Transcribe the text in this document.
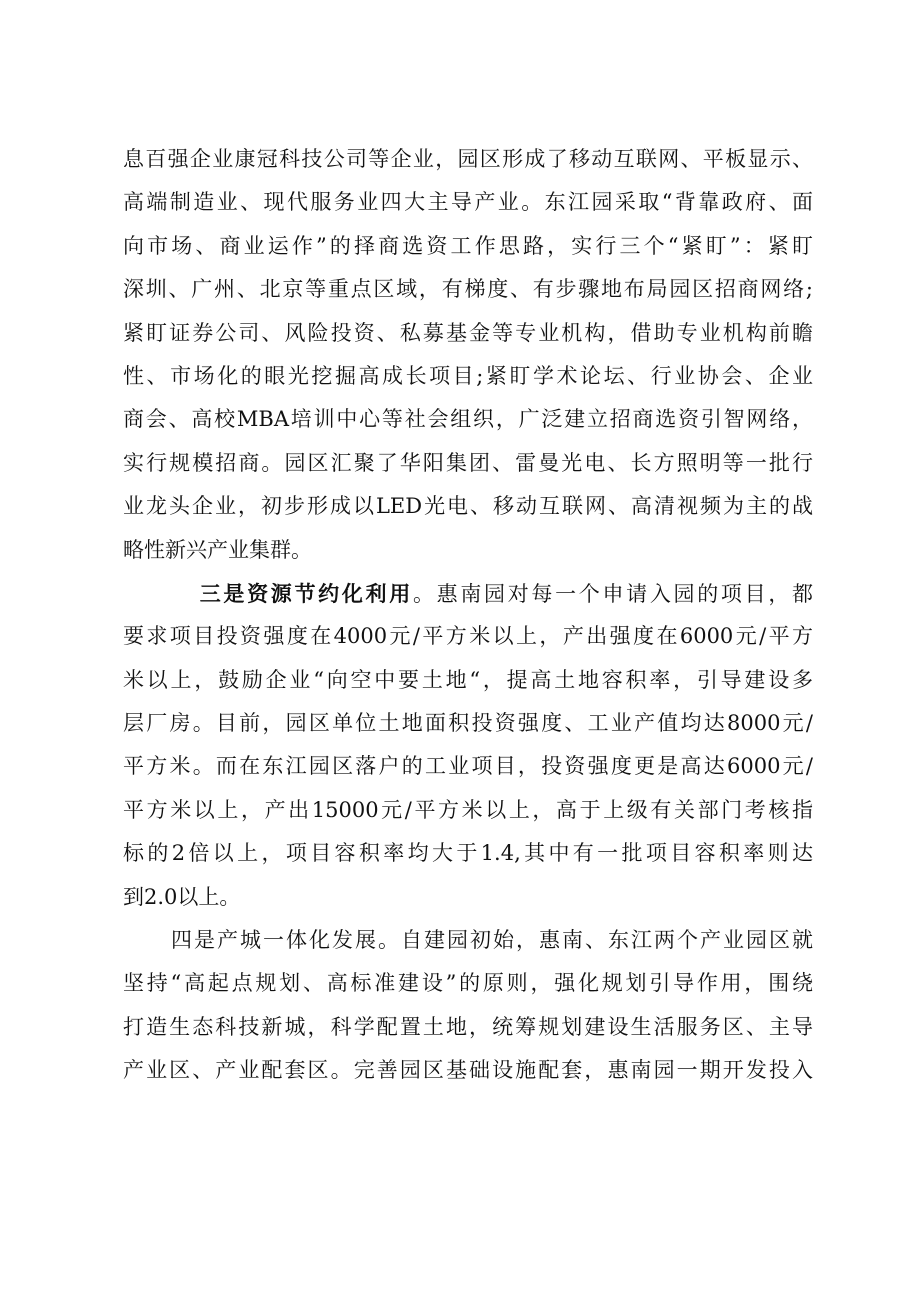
息百强企业康冠科技公司等企业，园区形成了移动互联网、平板显示、
高端制造业、现代服务业四大主导产业。东江园采取“背靠政府、面
向市场、商业运作”的择商选资工作思路，实行三个“紧盯”：紧盯
深圳、广州、北京等重点区域，有梯度、有步骤地布局园区招商网络;
紧盯证券公司、风险投资、私募基金等专业机构，借助专业机构前瞻
性、市场化的眼光挖掘高成长项目;紧盯学术论坛、行业协会、企业
商会、高校MBA培训中心等社会组织，广泛建立招商选资引智网络，
实行规模招商。园区汇聚了华阳集团、雷曼光电、长方照明等一批行
业龙头企业，初步形成以LED光电、移动互联网、高清视频为主的战
略性新兴产业集群。
三是资源节约化利用。惠南园对每一个申请入园的项目，都
要求项目投资强度在4000元/平方米以上，产出强度在6000元/平方
米以上，鼓励企业“向空中要土地“，提高土地容积率，引导建设多
层厂房。目前，园区单位土地面积投资强度、工业产值均达8000元/
平方米。而在东江园区落户的工业项目，投资强度更是高达6000元/
平方米以上，产出15000元/平方米以上，高于上级有关部门考核指
标的2倍以上，项目容积率均大于1.4,其中有一批项目容积率则达
到2.0以上。
四是产城一体化发展。自建园初始，惠南、东江两个产业园区就
坚持“高起点规划、高标准建设”的原则，强化规划引导作用，围绕
打造生态科技新城，科学配置土地，统筹规划建设生活服务区、主导
产业区、产业配套区。完善园区基础设施配套，惠南园一期开发投入
